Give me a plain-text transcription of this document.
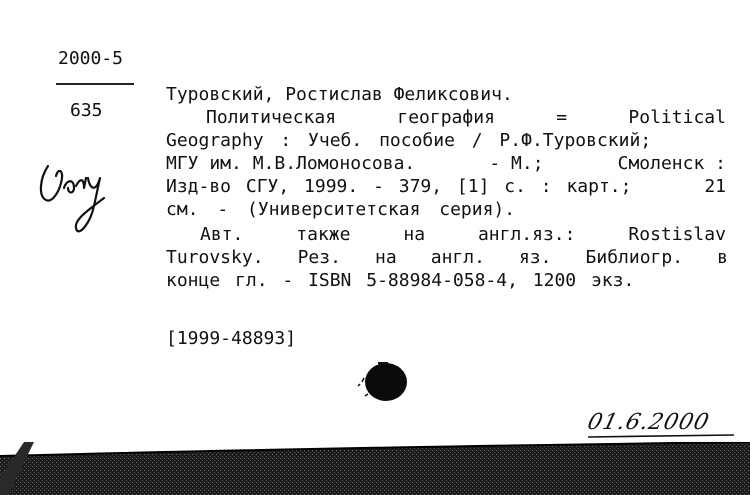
2000-5
635
Туровский, Ростислав Феликсович.
Политическая	география	=	Political
Geography : Учеб. пособие / Р.Ф.Туровский;
МГУ им. М.В.Ломоносова.	- М.;	Смоленск :
Изд-во СГУ, 1999. - 379, [1] с. : карт.;	21
см. - (Университетская серия).
Авт.	также	на	англ.яз.:	Rostislav
Turovsky. Рез. на англ. яз. Библиогр. в
конце гл. - ISBN 5-88984-058-4, 1200 экз.
[1999-48893]
01.6.2000
